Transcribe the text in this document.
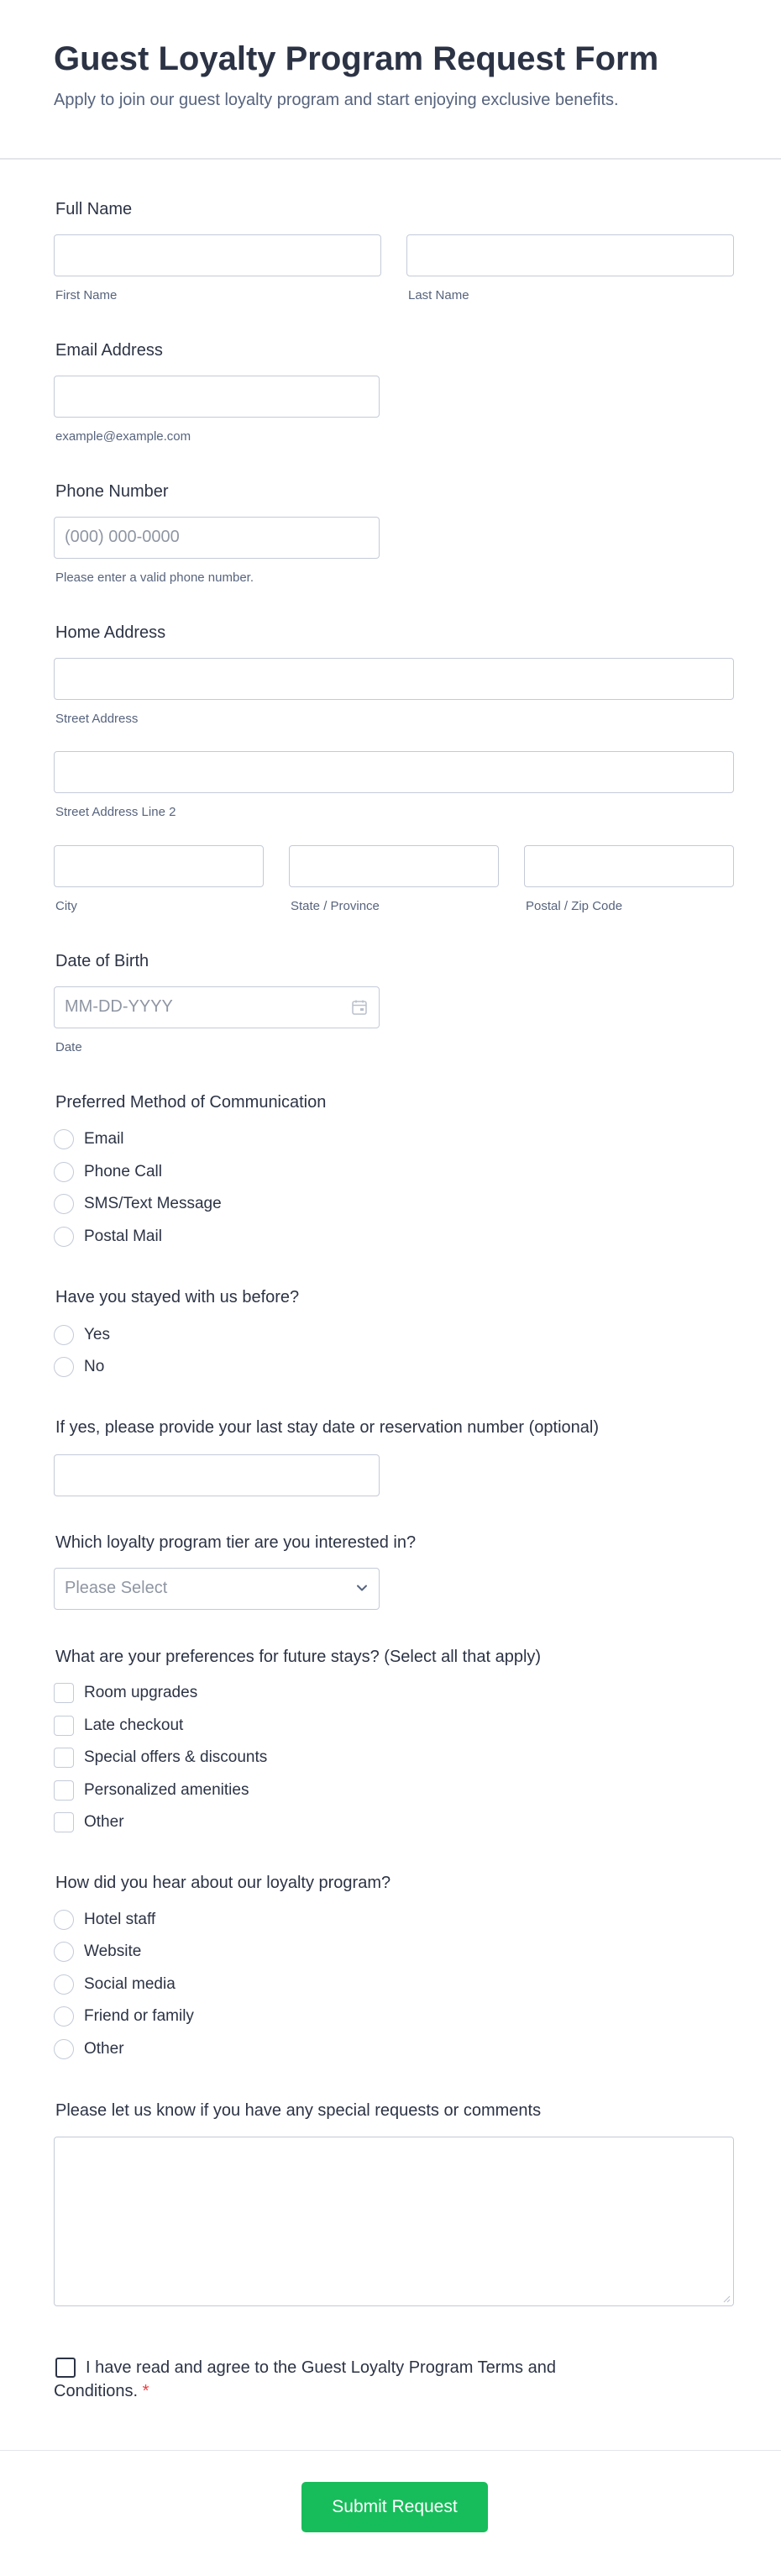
Guest Loyalty Program Request Form

Apply to join our guest loyalty program and start enjoying exclusive benefits.

Full Name
First Name	Last Name
Email Address
example@example.com
Phone Number
(000) 000-0000
Please enter a valid phone number.
Home Address
Street Address
Street Address Line 2
City	State / Province	Postal / Zip Code
Date of Birth
MM-DD-YYYY
Date
Preferred Method of Communication
Email
Phone Call
SMS/Text Message
Postal Mail
Have you stayed with us before?
Yes
No
If yes, please provide your last stay date or reservation number (optional)
Which loyalty program tier are you interested in?
Please Select
What are your preferences for future stays? (Select all that apply)
Room upgrades
Late checkout
Special offers & discounts
Personalized amenities
Other
How did you hear about our loyalty program?
Hotel staff
Website
Social media
Friend or family
Other
Please let us know if you have any special requests or comments
I have read and agree to the Guest Loyalty Program Terms and Conditions. *
Submit Request
